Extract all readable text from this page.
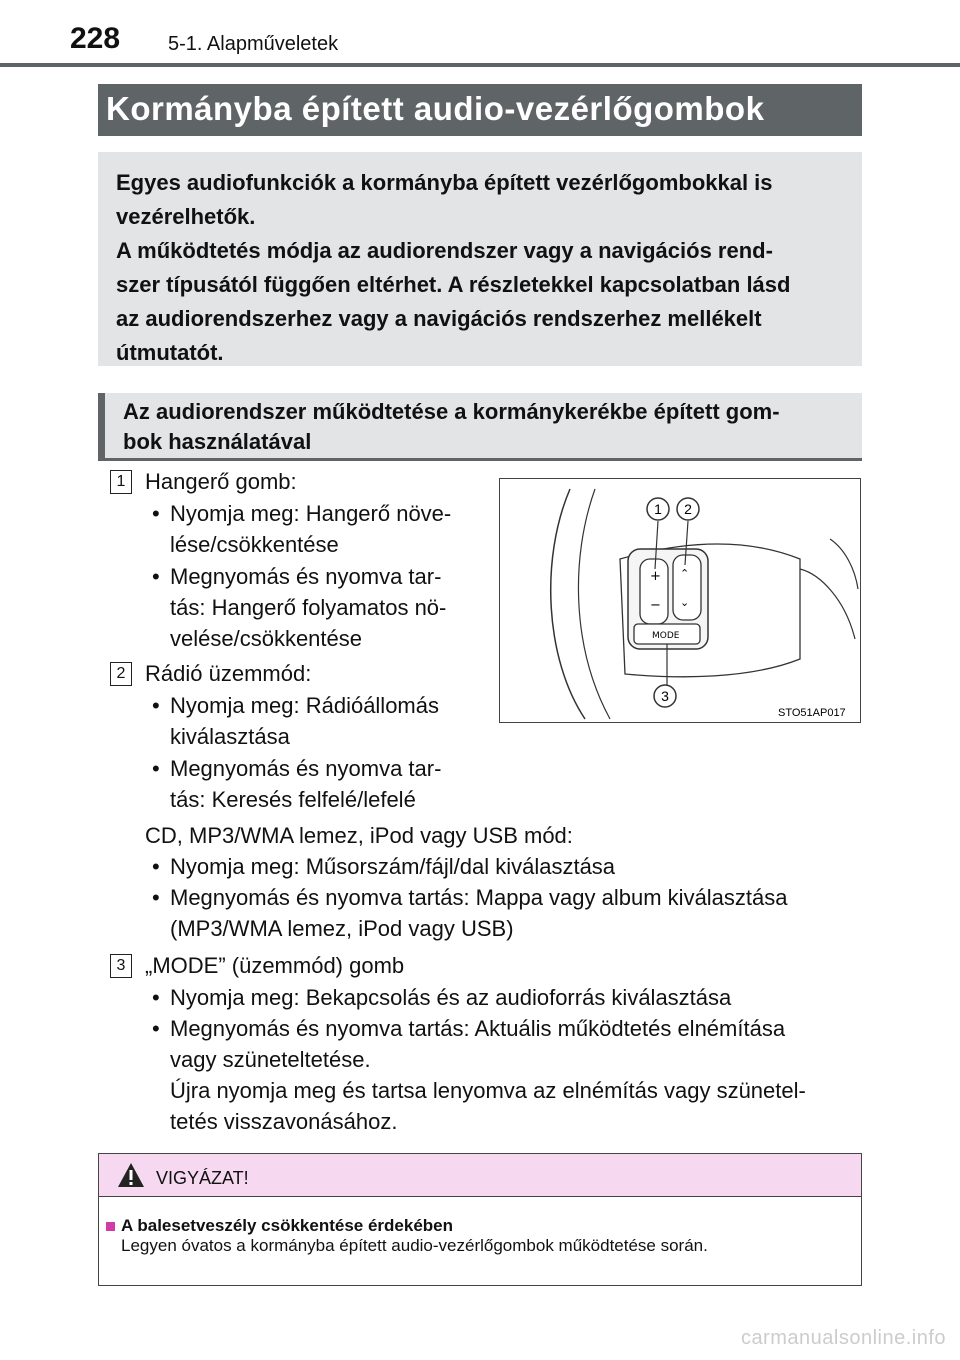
228 5-1. Alapműveletek
Kormányba épített audio-vezérlőgombok
Egyes audiofunkciók a kormányba épített vezérlőgombokkal is
vezérelhetők.
A működtetés módja az audiorendszer vagy a navigációs rend-
szer típusától függően eltérhet. A részletekkel kapcsolatban lásd
az audiorendszerhez vagy a navigációs rendszerhez mellékelt
útmutatót.
Az audiorendszer működtetése a kormánykerékbe épített gom-
bok használatával
1 Hangerő gomb:
• Nyomja meg: Hangerő növe-
lése/csökkentése
• Megnyomás és nyomva tar-
tás: Hangerő folyamatos nö-
velése/csökkentése
2 Rádió üzemmód:
• Nyomja meg: Rádióállomás
kiválasztása
• Megnyomás és nyomva tar-
tás: Keresés felfelé/lefelé
CD, MP3/WMA lemez, iPod vagy USB mód:
• Nyomja meg: Műsorszám/fájl/dal kiválasztása
• Megnyomás és nyomva tartás: Mappa vagy album kiválasztása
(MP3/WMA lemez, iPod vagy USB)
3 „MODE” (üzemmód) gomb
• Nyomja meg: Bekapcsolás és az audioforrás kiválasztása
• Megnyomás és nyomva tartás: Aktuális működtetés elnémítása
vagy szüneteltetése.
Újra nyomja meg és tartsa lenyomva az elnémítás vagy szünetel-
tetés visszavonásához.
+
−
⌃
⌄
MODE
1 2
3
STO51AP017
VIGYÁZAT!
A balesetveszély csökkentése érdekében
Legyen óvatos a kormányba épített audio-vezérlőgombok működtetése során.
carmanualsonline.info
